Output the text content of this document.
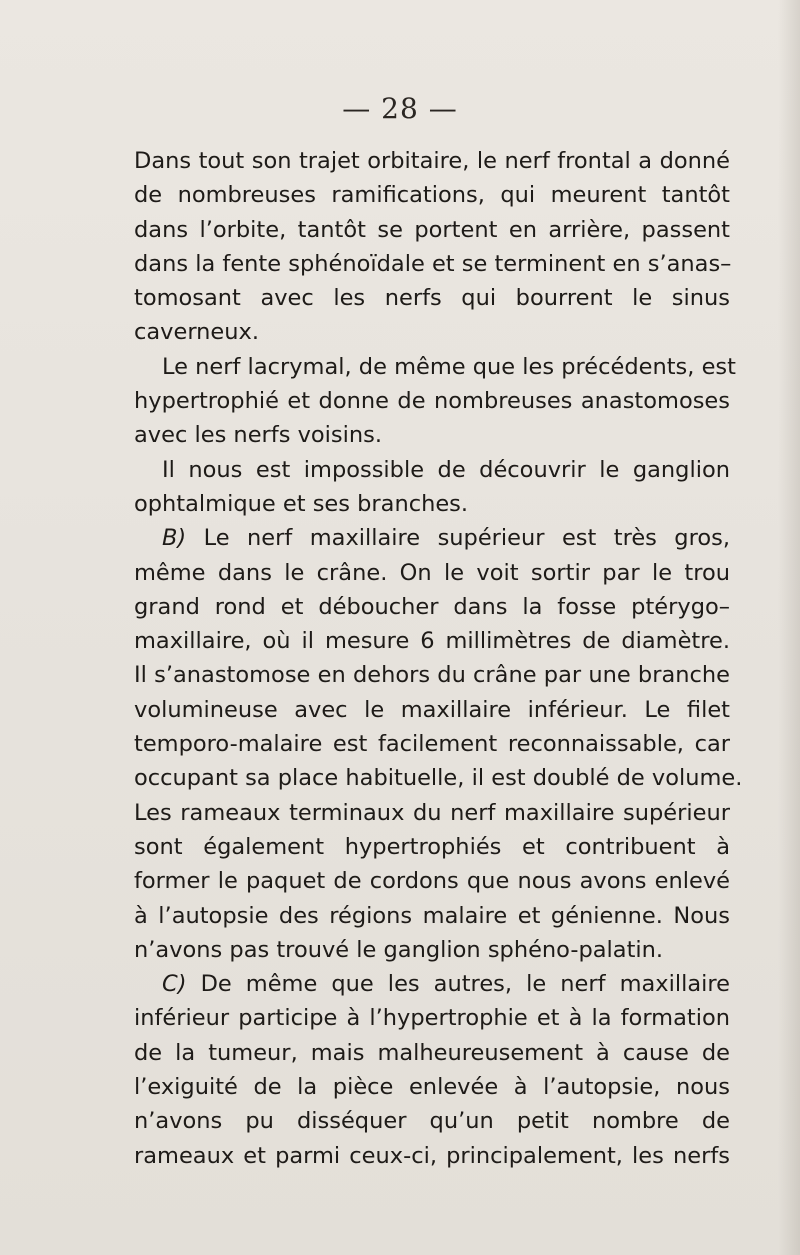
— 28 —
Dans tout son trajet orbitaire, le nerf frontal a donné
de nombreuses ramifications, qui meurent tantôt
dans l’orbite, tantôt se portent en arrière, passent
dans la fente sphénoïdale et se terminent en s’anas–
tomosant avec les nerfs qui bourrent le sinus
caverneux.
Le nerf lacrymal, de même que les précédents, est
hypertrophié et donne de nombreuses anastomoses
avec les nerfs voisins.
Il nous est impossible de découvrir le ganglion
ophtalmique et ses branches.
B) Le nerf maxillaire supérieur est très gros,
même dans le crâne. On le voit sortir par le trou
grand rond et déboucher dans la fosse ptérygo–
maxillaire, où il mesure 6 millimètres de diamètre.
Il s’anastomose en dehors du crâne par une branche
volumineuse avec le maxillaire inférieur. Le filet
temporo-malaire est facilement reconnaissable, car
occupant sa place habituelle, il est doublé de volume.
Les rameaux terminaux du nerf maxillaire supérieur
sont également hypertrophiés et contribuent à
former le paquet de cordons que nous avons enlevé
à l’autopsie des régions malaire et génienne. Nous
n’avons pas trouvé le ganglion sphéno-palatin.
C) De même que les autres, le nerf maxillaire
inférieur participe à l’hypertrophie et à la formation
de la tumeur, mais malheureusement à cause de
l’exiguité de la pièce enlevée à l’autopsie, nous
n’avons pu disséquer qu’un petit nombre de
rameaux et parmi ceux-ci, principalement, les nerfs
